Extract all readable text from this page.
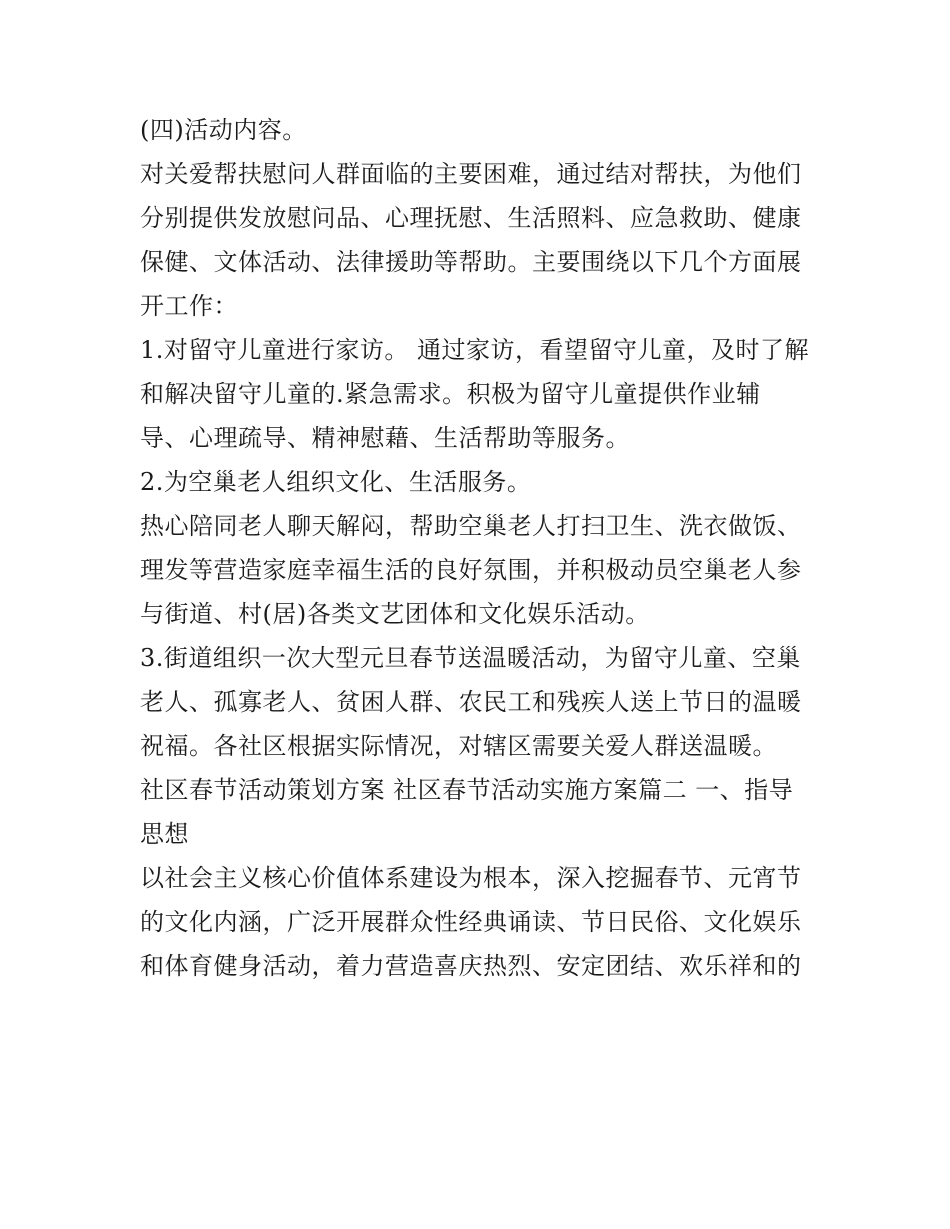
(四)活动内容。
对关爱帮扶慰问人群面临的主要困难，通过结对帮扶，为他们
分别提供发放慰问品、心理抚慰、生活照料、应急救助、健康
保健、文体活动、法律援助等帮助。主要围绕以下几个方面展
开工作：
1.对留守儿童进行家访。 通过家访，看望留守儿童，及时了解
和解决留守儿童的.紧急需求。积极为留守儿童提供作业辅
导、心理疏导、精神慰藉、生活帮助等服务。
2.为空巢老人组织文化、生活服务。
热心陪同老人聊天解闷，帮助空巢老人打扫卫生、洗衣做饭、
理发等营造家庭幸福生活的良好氛围，并积极动员空巢老人参
与街道、村(居)各类文艺团体和文化娱乐活动。
3.街道组织一次大型元旦春节送温暖活动，为留守儿童、空巢
老人、孤寡老人、贫困人群、农民工和残疾人送上节日的温暖
祝福。各社区根据实际情况，对辖区需要关爱人群送温暖。
社区春节活动策划方案 社区春节活动实施方案篇二 一、指导
思想
以社会主义核心价值体系建设为根本，深入挖掘春节、元宵节
的文化内涵，广泛开展群众性经典诵读、节日民俗、文化娱乐
和体育健身活动，着力营造喜庆热烈、安定团结、欢乐祥和的
